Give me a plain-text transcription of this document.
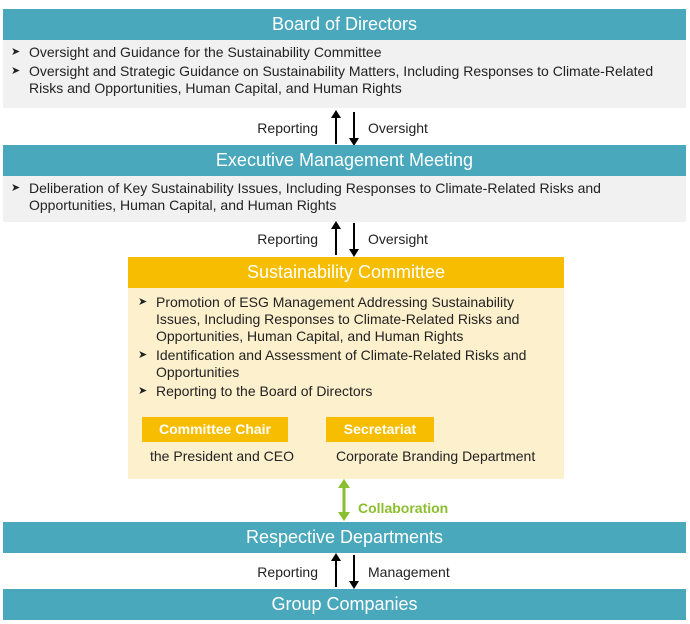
Board of Directors
➤ Oversight and Guidance for the Sustainability Committee
➤ Oversight and Strategic Guidance on Sustainability Matters, Including Responses to Climate-Related Risks and Opportunities, Human Capital, and Human Rights
Reporting	Oversight
Executive Management Meeting
➤ Deliberation of Key Sustainability Issues, Including Responses to Climate-Related Risks and Opportunities, Human Capital, and Human Rights
Reporting	Oversight
Sustainability Committee
➤ Promotion of ESG Management Addressing Sustainability Issues, Including Responses to Climate-Related Risks and Opportunities, Human Capital, and Human Rights
➤ Identification and Assessment of Climate-Related Risks and Opportunities
➤ Reporting to the Board of Directors
Committee Chair
the President and CEO
Secretariat
Corporate Branding Department
Collaboration
Respective Departments
Reporting	Management
Group Companies
